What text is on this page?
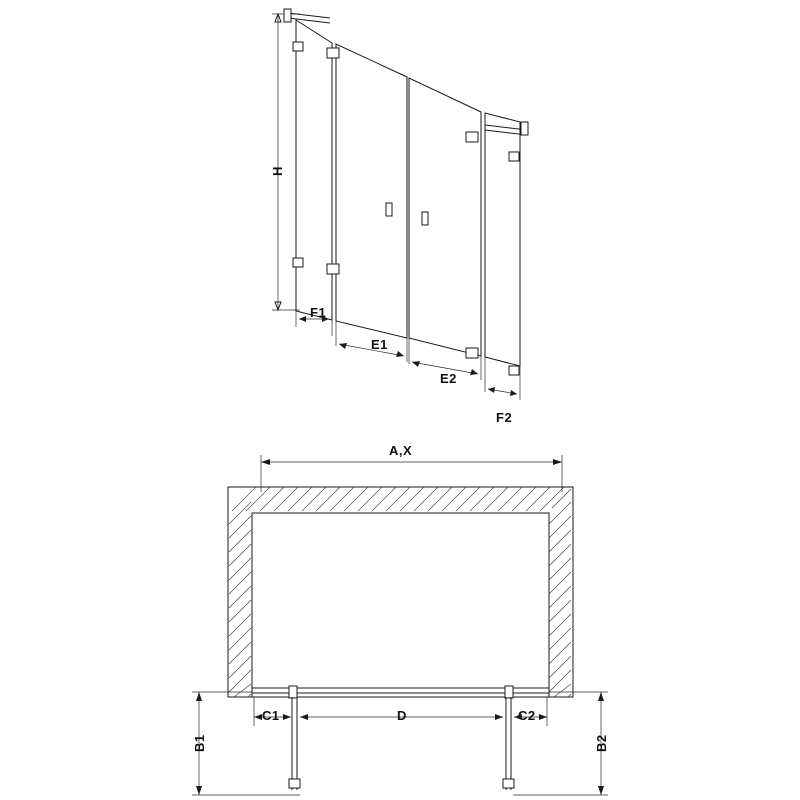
H
F1
E1
E2
F2
A,X
B1	B2
C1	D	C2
